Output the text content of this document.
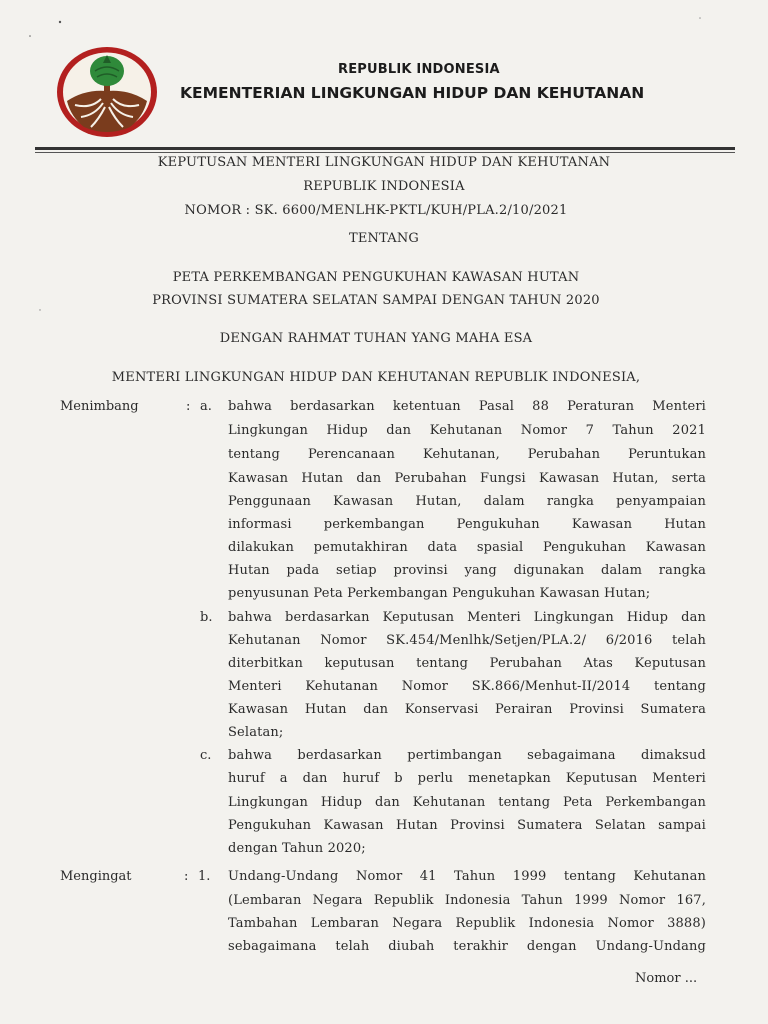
REPUBLIK INDONESIA
KEMENTERIAN LINGKUNGAN HIDUP DAN KEHUTANAN
KEPUTUSAN MENTERI LINGKUNGAN HIDUP DAN KEHUTANAN
REPUBLIK INDONESIA
NOMOR : SK. 6600/MENLHK-PKTL/KUH/PLA.2/10/2021
TENTANG
PETA PERKEMBANGAN PENGUKUHAN KAWASAN HUTAN
PROVINSI SUMATERA SELATAN SAMPAI DENGAN TAHUN 2020
DENGAN RAHMAT TUHAN YANG MAHA ESA
MENTERI LINGKUNGAN HIDUP DAN KEHUTANAN REPUBLIK INDONESIA,
Menimbang	: a. bahwa berdasarkan ketentuan Pasal 88 Peraturan Menteri
Lingkungan Hidup dan Kehutanan Nomor 7 Tahun 2021
tentang Perencanaan Kehutanan, Perubahan Peruntukan
Kawasan Hutan dan Perubahan Fungsi Kawasan Hutan, serta
Penggunaan Kawasan Hutan, dalam rangka penyampaian
informasi perkembangan Pengukuhan Kawasan Hutan
dilakukan pemutakhiran data spasial Pengukuhan Kawasan
Hutan pada setiap provinsi yang digunakan dalam rangka
penyusunan Peta Perkembangan Pengukuhan Kawasan Hutan;
b. bahwa berdasarkan Keputusan Menteri Lingkungan Hidup dan
Kehutanan Nomor SK.454/Menlhk/Setjen/PLA.2/ 6/2016 telah
diterbitkan keputusan tentang Perubahan Atas Keputusan
Menteri Kehutanan Nomor SK.866/Menhut-II/2014 tentang
Kawasan Hutan dan Konservasi Perairan Provinsi Sumatera
Selatan;
c. bahwa berdasarkan pertimbangan sebagaimana dimaksud
huruf a dan huruf b perlu menetapkan Keputusan Menteri
Lingkungan Hidup dan Kehutanan tentang Peta Perkembangan
Pengukuhan Kawasan Hutan Provinsi Sumatera Selatan sampai
dengan Tahun 2020;
Mengingat	: 1. Undang-Undang Nomor 41 Tahun 1999 tentang Kehutanan
(Lembaran Negara Republik Indonesia Tahun 1999 Nomor 167,
Tambahan Lembaran Negara Republik Indonesia Nomor 3888)
sebagaimana telah diubah terakhir dengan Undang-Undang
Nomor ...
